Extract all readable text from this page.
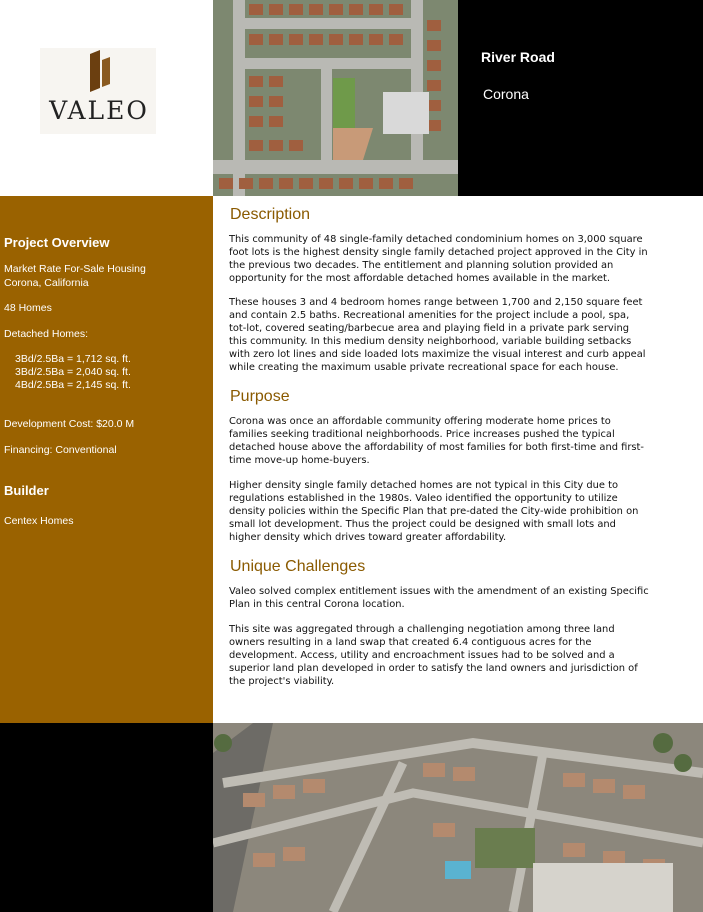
VALEO
River Road
Corona
Project Overview
Market Rate For-Sale Housing
Corona, California
48 Homes
Detached Homes:
3Bd/2.5Ba = 1,712 sq. ft.
3Bd/2.5Ba = 2,040 sq. ft.
4Bd/2.5Ba = 2,145 sq. ft.
Development Cost: $20.0 M
Financing: Conventional
Builder
Centex Homes
Description
This community of 48 single-family detached condominium homes on 3,000 square
foot lots is the highest density single family detached project approved in the City in
the previous two decades. The entitlement and planning solution provided an
opportunity for the most affordable detached homes available in the market.
These houses 3 and 4 bedroom homes range between 1,700 and 2,150 square feet
and contain 2.5 baths. Recreational amenities for the project include a pool, spa,
tot-lot, covered seating/barbecue area and playing field in a private park serving
this community. In this medium density neighborhood, variable building setbacks
with zero lot lines and side loaded lots maximize the visual interest and curb appeal
while creating the maximum usable private recreational space for each house.
Purpose
Corona was once an affordable community offering moderate home prices to
families seeking traditional neighborhoods. Price increases pushed the typical
detached house above the affordability of most families for both first-time and first-
time move-up home-buyers.
Higher density single family detached homes are not typical in this City due to
regulations established in the 1980s. Valeo identified the opportunity to utilize
density policies within the Specific Plan that pre-dated the City-wide prohibition on
small lot development. Thus the project could be designed with small lots and
higher density which drives toward greater affordability.
Unique Challenges
Valeo solved complex entitlement issues with the amendment of an existing Specific
Plan in this central Corona location.
This site was aggregated through a challenging negotiation among three land
owners resulting in a land swap that created 6.4 contiguous acres for the
development. Access, utility and encroachment issues had to be solved and a
superior land plan developed in order to satisfy the land owners and jurisdiction of
the project's viability.
